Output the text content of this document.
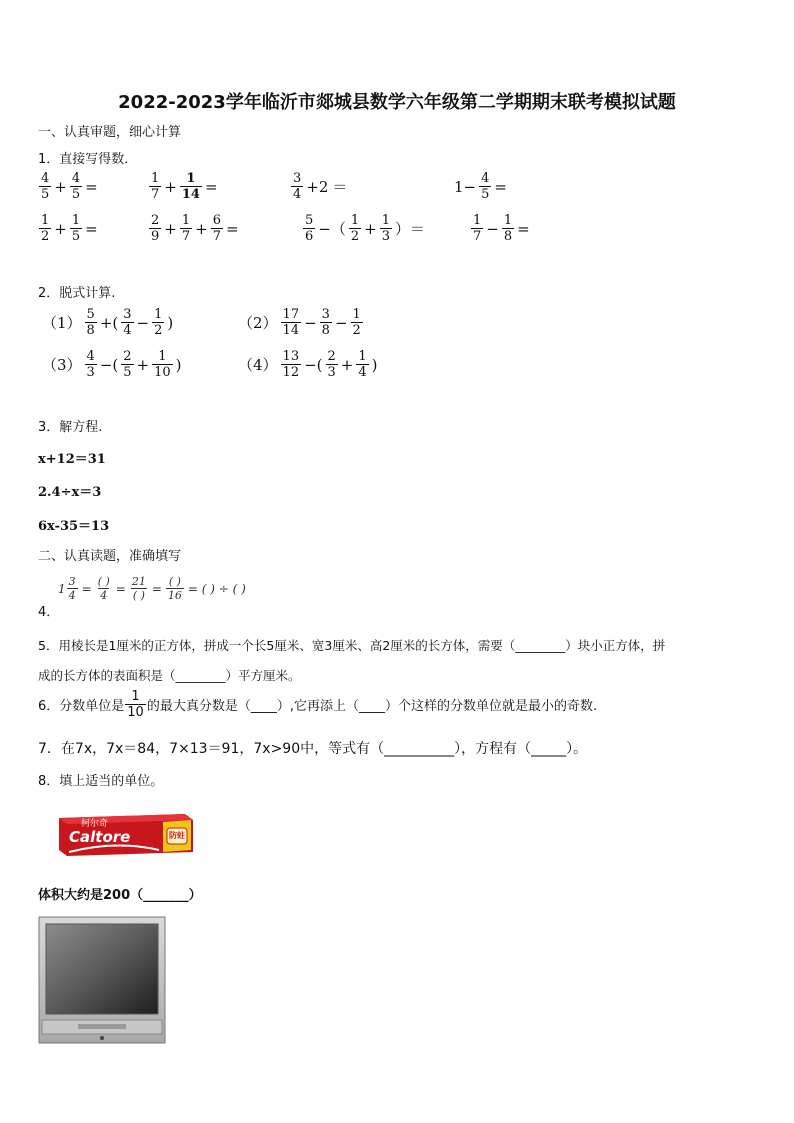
2022-2023学年临沂市郯城县数学六年级第二学期期末联考模拟试题
一、认真审题，细心计算
1．直接写得数．
$\frac{4}{5} + \frac{4}{5}$ =	$\frac{1}{7} + \frac{1}{14}$ =	$\frac{3}{4} +2$ ＝	$1- \frac{4}{5}$ =
$\frac{1}{2} + \frac{1}{5}$ =	$\frac{2}{9} + \frac{1}{7} + \frac{6}{7}$ =	$\frac{5}{6}$ −（ $\frac{1}{2} + \frac{1}{3}$ ）＝	$\frac{1}{7} - \frac{1}{8}$ =
2．脱式计算.
$(1) \frac{5}{8}$ +( $\frac{3}{4} - \frac{1}{2}$ )	$(2) \frac{17}{14} - \frac{3}{8} - \frac{1}{2}$
$(3) \frac{4}{3}$ −( $\frac{2}{5} + \frac{1}{10}$ )	$(4) \frac{13}{12}$ −( $\frac{2}{3} + \frac{1}{4}$ )
3．解方程.
x+12＝31
2.4÷x＝3
6x-35＝13
二、认真读题，准确填写
4．
$1 \frac{3}{4} = \frac{( )}{4} = \frac{21}{( )} = \frac{( )}{16}$ = ( ) ÷ ( )
5．用棱长是1厘米的正方体，拼成一个长5厘米、宽3厘米、高2厘米的长方体，需要（________）块小正方体，拼
成的长方体的表面积是（________）平方厘米。
6．分数单位是 $\frac{1}{10}$ 的最大真分数是（____）,它再添上（____）个这样的分数单位就是最小的奇数.
7．在7x，7x＝84，7×13＝91，7x>90中，等式有（__________），方程有（_____）。
8．填上适当的单位。
柯尔奇
Caltore	防蛀
体积大约是200（_______）
